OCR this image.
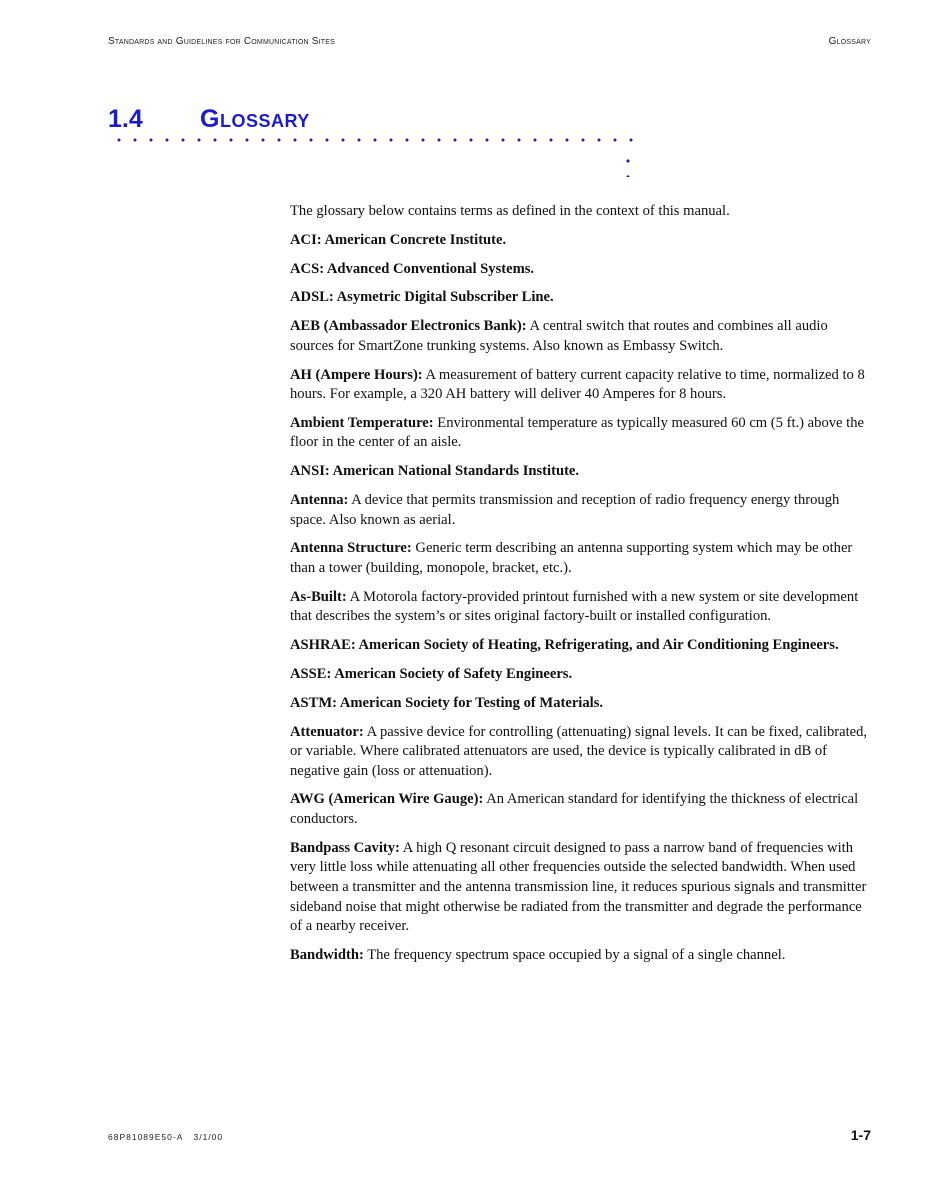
Standards and Guidelines for Communication Sites	Glossary
1.4 Glossary

The glossary below contains terms as defined in the context of this manual.

ACI: American Concrete Institute.

ACS: Advanced Conventional Systems.

ADSL: Asymetric Digital Subscriber Line.

AEB (Ambassador Electronics Bank): A central switch that routes and combines all audio sources for SmartZone trunking systems. Also known as Embassy Switch.

AH (Ampere Hours): A measurement of battery current capacity relative to time, normalized to 8 hours. For example, a 320 AH battery will deliver 40 Amperes for 8 hours.

Ambient Temperature: Environmental temperature as typically measured 60 cm (5 ft.) above the floor in the center of an aisle.

ANSI: American National Standards Institute.

Antenna: A device that permits transmission and reception of radio frequency energy through space. Also known as aerial.

Antenna Structure: Generic term describing an antenna supporting system which may be other than a tower (building, monopole, bracket, etc.).

As-Built: A Motorola factory-provided printout furnished with a new system or site development that describes the system’s or sites original factory-built or installed configuration.

ASHRAE: American Society of Heating, Refrigerating, and Air Conditioning Engineers.

ASSE: American Society of Safety Engineers.

ASTM: American Society for Testing of Materials.

Attenuator: A passive device for controlling (attenuating) signal levels. It can be fixed, calibrated, or variable. Where calibrated attenuators are used, the device is typically calibrated in dB of negative gain (loss or attenuation).

AWG (American Wire Gauge): An American standard for identifying the thickness of electrical conductors.

Bandpass Cavity: A high Q resonant circuit designed to pass a narrow band of frequencies with very little loss while attenuating all other frequencies outside the selected bandwidth. When used between a transmitter and the antenna transmission line, it reduces spurious signals and transmitter sideband noise that might otherwise be radiated from the transmitter and degrade the performance of a nearby receiver.

Bandwidth: The frequency spectrum space occupied by a signal of a single channel.

68P81089E50-A 3/1/00	1-7
